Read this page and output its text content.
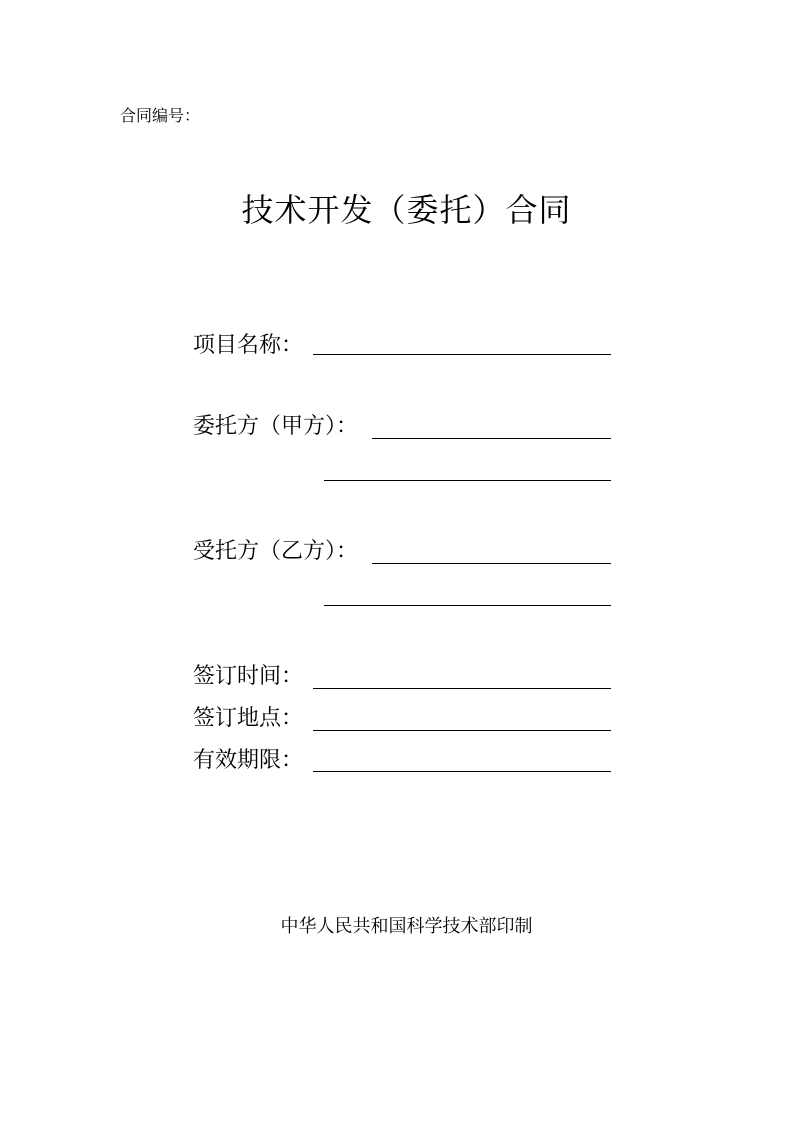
合同编号：
技术开发（委托）合同
项目名称：
委托方（甲方）：
受托方（乙方）：
签订时间：
签订地点：
有效期限：
中华人民共和国科学技术部印制
